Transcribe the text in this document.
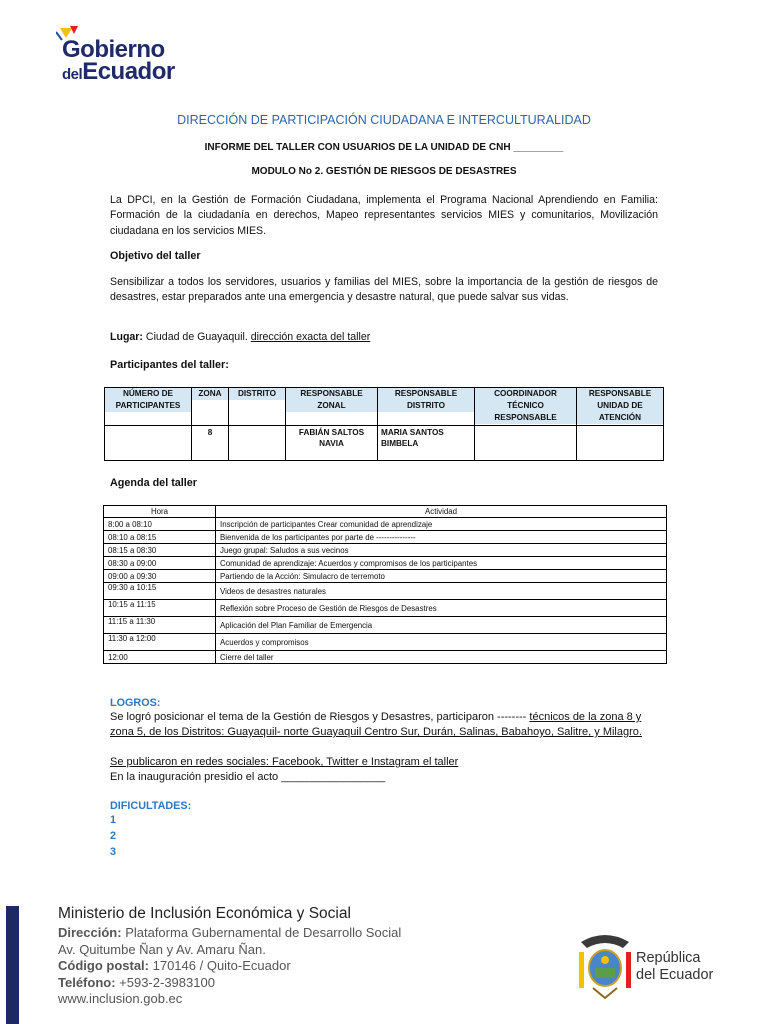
Gobierno
delEcuador
DIRECCIÓN DE PARTICIPACIÓN CIUDADANA E INTERCULTURALIDAD
INFORME DEL TALLER CON USUARIOS DE LA UNIDAD DE CNH _________
MODULO No 2. GESTIÓN DE RIESGOS DE DESASTRES
La DPCI, en la Gestión de Formación Ciudadana, implementa el Programa Nacional Aprendiendo en Familia: Formación de la ciudadanía en derechos, Mapeo representantes servicios MIES y comunitarios, Movilización ciudadana en los servicios MIES.
Objetivo del taller
Sensibilizar a todos los servidores, usuarios y familias del MIES, sobre la importancia de la gestión de riesgos de desastres, estar preparados ante una emergencia y desastre natural, que puede salvar sus vidas.
Lugar: Ciudad de Guayaquil. dirección exacta del taller
Participantes del taller:
NÚMERO DE PARTICIPANTES	ZONA	DISTRITO	RESPONSABLE ZONAL	RESPONSABLE DISTRITO	COORDINADOR TÉCNICO RESPONSABLE	RESPONSABLE UNIDAD DE ATENCIÓN

	8		FABIÁN SALTOS NAVIA	MARIA SANTOS BIMBELA		
Agenda del taller
Hora	Actividad
8:00 a 08:10	Inscripción de participantes Crear comunidad de aprendizaje
08:10 a 08:15	Bienvenida de los participantes por parte de ---------------
08:15 a 08:30	Juego grupal: Saludos a sus vecinos
08:30 a 09:00	Comunidad de aprendizaje: Acuerdos y compromisos de los participantes
09:00 a 09:30	Partiendo de la Acción: Simulacro de terremoto
09:30 a 10:15	Videos de desastres naturales
10:15 a 11:15	Reflexión sobre Proceso de Gestión de Riesgos de Desastres
11:15 a 11:30	Aplicación del Plan Familiar de Emergencia
11:30 a 12:00	Acuerdos y compromisos
12:00	Cierre del taller
LOGROS:
Se logró posicionar el tema de la Gestión de Riesgos y Desastres, participaron -------- técnicos de la zona 8 y zona 5, de los Distritos: Guayaquil- norte Guayaquil Centro Sur, Durán, Salinas, Babahoyo, Salitre, y Milagro.
Se publicaron en redes sociales: Facebook, Twitter e Instagram el taller
En la inauguración presidio el acto _________________
DIFICULTADES:
1
2
3
Ministerio de Inclusión Económica y Social
Dirección: Plataforma Gubernamental de Desarrollo Social
Av. Quitumbe Ñan y Av. Amaru Ñan.
Código postal: 170146 / Quito-Ecuador
Teléfono: +593-2-3983100
www.inclusion.gob.ec
República
del Ecuador
